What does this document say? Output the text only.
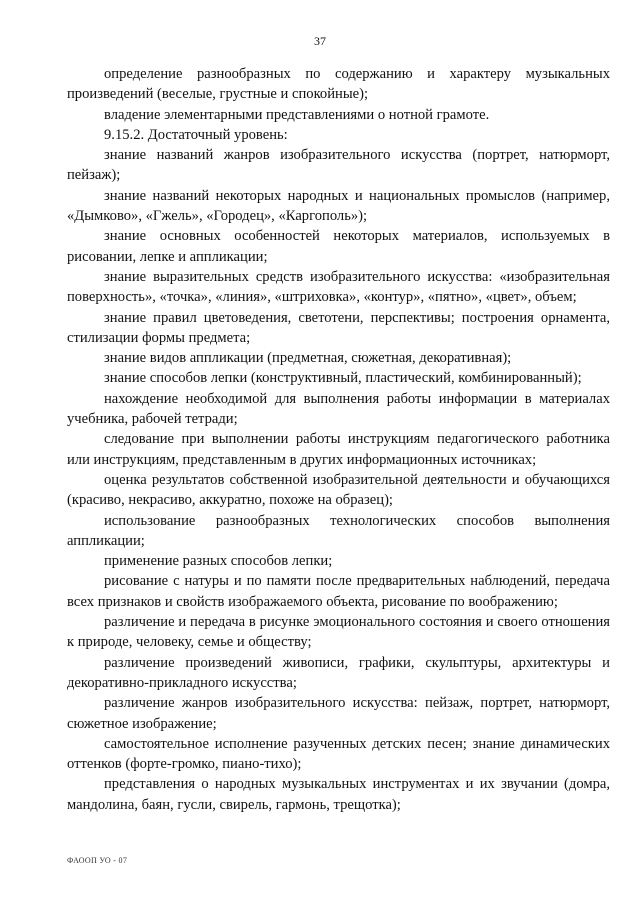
37

определение разнообразных по содержанию и характеру музыкальных произведений (веселые, грустные и спокойные);

владение элементарными представлениями о нотной грамоте.

9.15.2. Достаточный уровень:

знание названий жанров изобразительного искусства (портрет, натюрморт, пейзаж);

знание названий некоторых народных и национальных промыслов (например, «Дымково», «Гжель», «Городец», «Каргополь»);

знание основных особенностей некоторых материалов, используемых в рисовании, лепке и аппликации;

знание выразительных средств изобразительного искусства: «изобразительная поверхность», «точка», «линия», «штриховка», «контур», «пятно», «цвет», объем;

знание правил цветоведения, светотени, перспективы; построения орнамента, стилизации формы предмета;

знание видов аппликации (предметная, сюжетная, декоративная);

знание способов лепки (конструктивный, пластический, комбинированный);

нахождение необходимой для выполнения работы информации в материалах учебника, рабочей тетради;

следование при выполнении работы инструкциям педагогического работника или инструкциям, представленным в других информационных источниках;

оценка результатов собственной изобразительной деятельности и обучающихся (красиво, некрасиво, аккуратно, похоже на образец);

использование разнообразных технологических способов выполнения аппликации;

применение разных способов лепки;

рисование с натуры и по памяти после предварительных наблюдений, передача всех признаков и свойств изображаемого объекта, рисование по воображению;

различение и передача в рисунке эмоционального состояния и своего отношения к природе, человеку, семье и обществу;

различение произведений живописи, графики, скульптуры, архитектуры и декоративно-прикладного искусства;

различение жанров изобразительного искусства: пейзаж, портрет, натюрморт, сюжетное изображение;

самостоятельное исполнение разученных детских песен; знание динамических оттенков (форте-громко, пиано-тихо);

представления о народных музыкальных инструментах и их звучании (домра, мандолина, баян, гусли, свирель, гармонь, трещотка);

ФАООП УО - 07
